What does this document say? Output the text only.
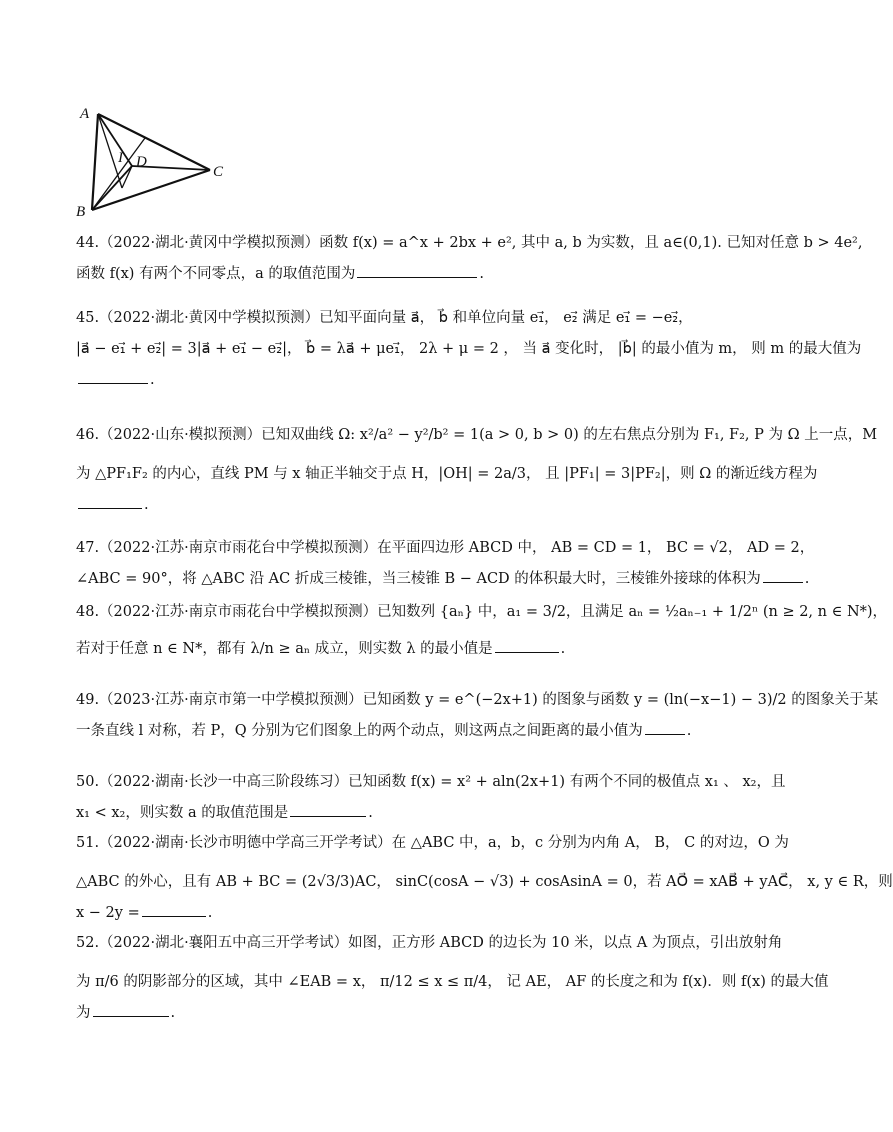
A
B
C
D
I
44.（2022·湖北·黄冈中学模拟预测）函数 f(x) = a^x + 2bx + e², 其中 a, b 为实数，且 a∈(0,1). 已知对任意 b > 4e²,
函数 f(x) 有两个不同零点，a 的取值范围为	.
45.（2022·湖北·黄冈中学模拟预测）已知平面向量 a⃗， b⃗ 和单位向量 e₁⃗， e₂⃗ 满足 e₁⃗ = −e₂⃗，
|a⃗ − e₁⃗ + e₂⃗| = 3|a⃗ + e₁⃗ − e₂⃗|， b⃗ = λa⃗ + μe₁⃗， 2λ + μ = 2 ， 当 a⃗ 变化时， |b⃗| 的最小值为 m， 则 m 的最大值为
.
46.（2022·山东·模拟预测）已知双曲线 Ω: x²/a² − y²/b² = 1(a > 0, b > 0) 的左右焦点分别为 F₁, F₂, P 为 Ω 上一点，M
为 △PF₁F₂ 的内心，直线 PM 与 x 轴正半轴交于点 H，|OH| = 2a/3， 且 |PF₁| = 3|PF₂|，则 Ω 的渐近线方程为
.
47.（2022·江苏·南京市雨花台中学模拟预测）在平面四边形 ABCD 中， AB = CD = 1， BC = √2， AD = 2，
∠ABC = 90°，将 △ABC 沿 AC 折成三棱锥，当三棱锥 B − ACD 的体积最大时，三棱锥外接球的体积为	.
48.（2022·江苏·南京市雨花台中学模拟预测）已知数列 {aₙ} 中，a₁ = 3/2，且满足 aₙ = ½aₙ₋₁ + 1/2ⁿ (n ≥ 2, n ∈ N*)，
若对于任意 n ∈ N*，都有 λ/n ≥ aₙ 成立，则实数 λ 的最小值是	.
49.（2023·江苏·南京市第一中学模拟预测）已知函数 y = e^(−2x+1) 的图象与函数 y = (ln(−x−1) − 3)/2 的图象关于某
一条直线 l 对称，若 P，Q 分别为它们图象上的两个动点，则这两点之间距离的最小值为	.
50.（2022·湖南·长沙一中高三阶段练习）已知函数 f(x) = x² + aln(2x+1) 有两个不同的极值点 x₁ 、 x₂，且
x₁ < x₂，则实数 a 的取值范围是	.
51.（2022·湖南·长沙市明德中学高三开学考试）在 △ABC 中，a，b，c 分别为内角 A， B， C 的对边，O 为
△ABC 的外心，且有 AB + BC = (2√3/3)AC， sinC(cosA − √3) + cosAsinA = 0，若 AO⃗ = xAB⃗ + yAC⃗， x, y ∈ R，则
x − 2y =	.
52.（2022·湖北·襄阳五中高三开学考试）如图，正方形 ABCD 的边长为 10 米，以点 A 为顶点，引出放射角
为 π/6 的阴影部分的区域，其中 ∠EAB = x， π/12 ≤ x ≤ π/4， 记 AE， AF 的长度之和为 f(x)．则 f(x) 的最大值
为	.
